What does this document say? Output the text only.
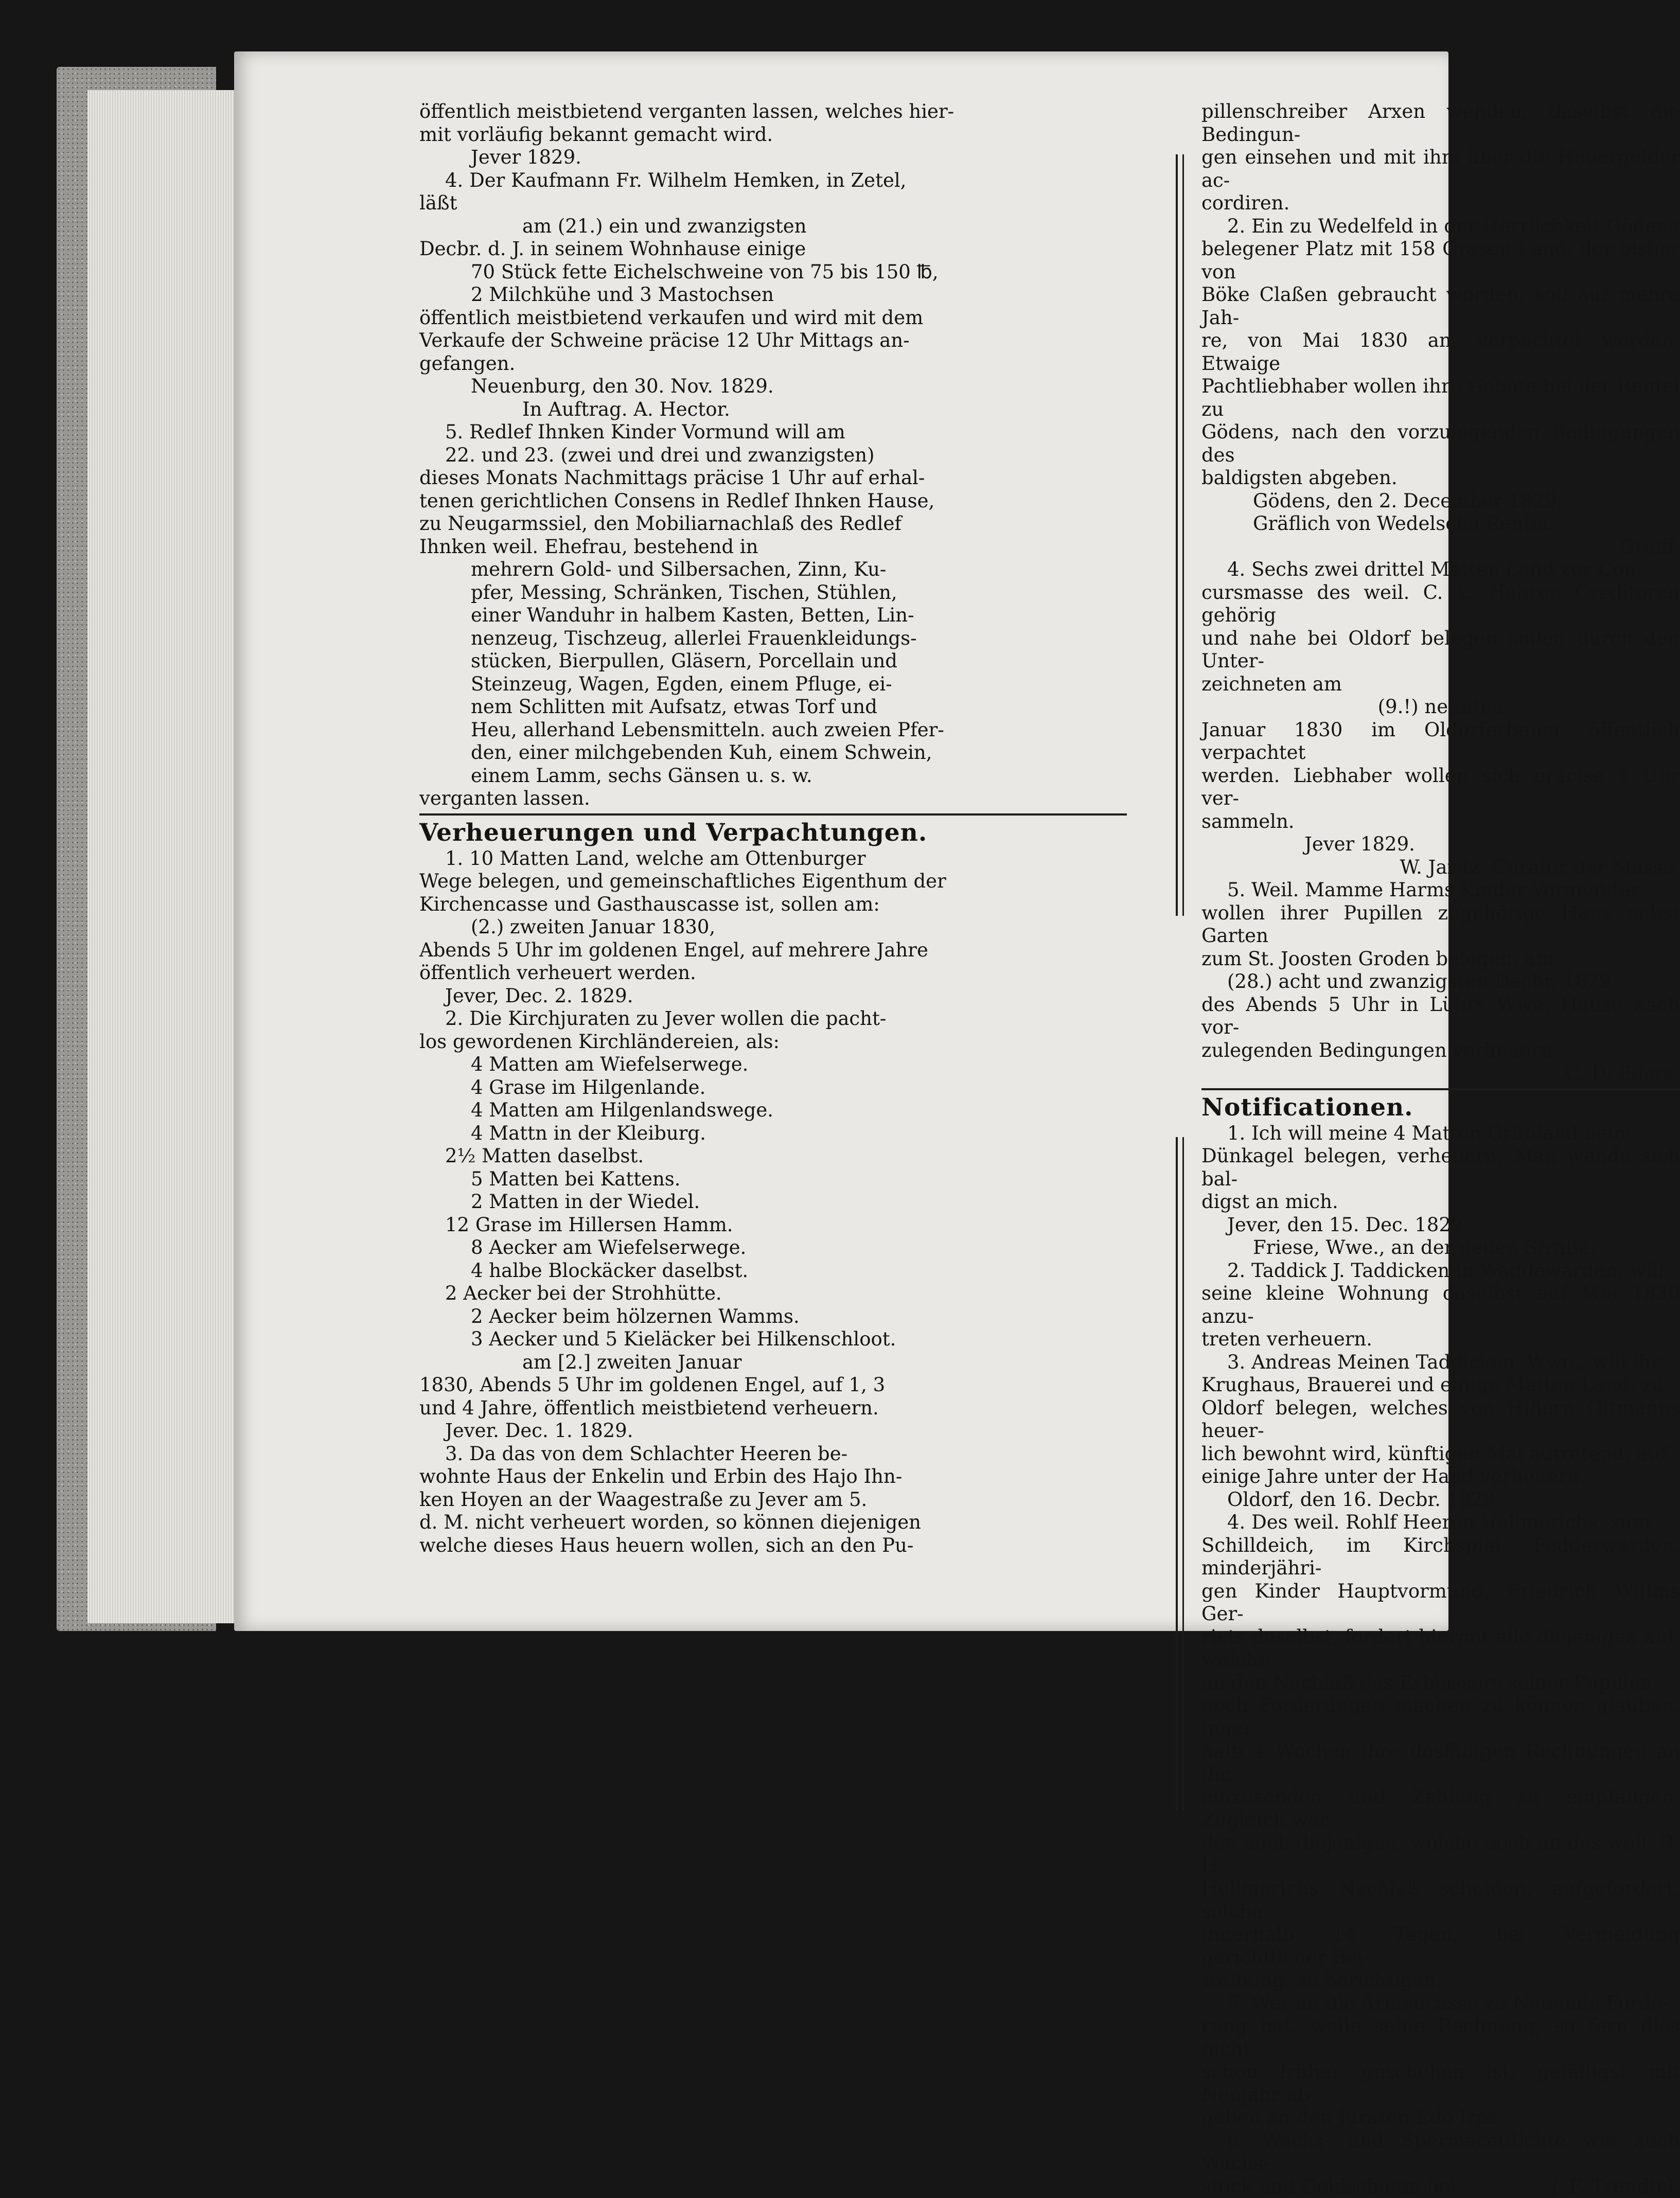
öffentlich meistbietend verganten lassen, welches hier-

mit vorläufig bekannt gemacht wird.

Jever 1829.

4. Der Kaufmann Fr. Wilhelm Hemken, in Zetel,

läßt

am (21.) ein und zwanzigsten

Decbr. d. J. in seinem Wohnhause einige

70 Stück fette Eichelschweine von 75 bis 150 ℔,

2 Milchkühe und 3 Mastochsen

öffentlich meistbietend verkaufen und wird mit dem

Verkaufe der Schweine präcise 12 Uhr Mittags an-

gefangen.

Neuenburg, den 30. Nov. 1829.

In Auftrag. A. Hector.

5. Redlef Ihnken Kinder Vormund will am

22. und 23. (zwei und drei und zwanzigsten)

dieses Monats Nachmittags präcise 1 Uhr auf erhal-

tenen gerichtlichen Consens in Redlef Ihnken Hause,

zu Neugarmssiel, den Mobiliarnachlaß des Redlef

Ihnken weil. Ehefrau, bestehend in

mehrern Gold- und Silbersachen, Zinn, Ku-

pfer, Messing, Schränken, Tischen, Stühlen,

einer Wanduhr in halbem Kasten, Betten, Lin-

nenzeug, Tischzeug, allerlei Frauenkleidungs-

stücken, Bierpullen, Gläsern, Porcellain und

Steinzeug, Wagen, Egden, einem Pfluge, ei-

nem Schlitten mit Aufsatz, etwas Torf und

Heu, allerhand Lebensmitteln. auch zweien Pfer-

den, einer milchgebenden Kuh, einem Schwein,

einem Lamm, sechs Gänsen u. s. w.

verganten lassen.

Verheuerungen und Verpachtungen.

1. 10 Matten Land, welche am Ottenburger

Wege belegen, und gemeinschaftliches Eigenthum der

Kirchencasse und Gasthauscasse ist, sollen am:

(2.) zweiten Januar 1830,

Abends 5 Uhr im goldenen Engel, auf mehrere Jahre

öffentlich verheuert werden.

Jever, Dec. 2. 1829.

2. Die Kirchjuraten zu Jever wollen die pacht-

los gewordenen Kirchländereien, als:

4 Matten am Wiefelserwege.

4 Grase im Hilgenlande.

4 Matten am Hilgenlandswege.

4 Mattn in der Kleiburg.

2½ Matten daselbst.

5 Matten bei Kattens.

2 Matten in der Wiedel.

12 Grase im Hillersen Hamm.

8 Aecker am Wiefelserwege.

4 halbe Blockäcker daselbst.

2 Aecker bei der Strohhütte.

2 Aecker beim hölzernen Wamms.

3 Aecker und 5 Kieläcker bei Hilkenschloot.

am [2.] zweiten Januar

1830, Abends 5 Uhr im goldenen Engel, auf 1, 3

und 4 Jahre, öffentlich meistbietend verheuern.

Jever. Dec. 1. 1829.

3. Da das von dem Schlachter Heeren be-

wohnte Haus der Enkelin und Erbin des Hajo Ihn-

ken Hoyen an der Waagestraße zu Jever am 5.

d. M. nicht verheuert worden, so können diejenigen

welche dieses Haus heuern wollen, sich an den Pu-

pillenschreiber Arxen wenden, daselbst die Bedingun-

gen einsehen und mit ihm über die Heuergelder ac-

cordiren.

2. Ein zu Wedelfeld in der Herrlichkeit Gödens

belegener Platz mit 158 Grasen Land, der bisher von

Böke Claßen gebraucht worden, soll auf mehre Jah-

re, von Mai 1830 an, verpachtet werden. Etwaige

Pachtliebhaber wollen ihre Gebote bei der Rentei zu

Gödens, nach den vorzulegenden Bedingungen des

baldigsten abgeben.

Gödens, den 2. December 1829.

Gräflich von Wedelsche Rentei.

Greiff.

4. Sechs zwei drittel Matten Land zur Con-

cursmasse des weil. C. L. Hehren Creditoren gehörig

und nahe bei Oldorf belegen sollen durch den Unter-

zeichneten am

(9.!) neunten

Januar 1830 im Oldorferbaum öffentlich verpachtet

werden. Liebhaber wollen sich präcise 1 Uhr ver-

sammeln.

Jever 1829.

W. Jaritz, Curator der Masse.

5. Weil. Mamme Harms Kinder Vormünder

wollen ihrer Pupillen zugehörige Haus nebst Garten

zum St. Joosten Groden belegen, am

(28.) acht und zwanzigsten Decbr. 1829.

des Abends 5 Uhr in Lührs Wwe. Hause nach vor-

zulegenden Bedingungen verheuern.

C. D. Eilers.

Notificationen.

1. Ich will meine 4 Matten Grünland beim

Dünkagel belegen, verheuern. Man wende sich bal-

digst an mich.

Jever, den 15. Dec. 1829.

Friese, Wwe., an der neuen Straße.

2. Taddick J. Taddicken in Waddewarden, will

seine kleine Wohnung daselbst auf Mai 1830 anzu-

treten verheuern.

3. Andreas Meinen Taddicken, Wwe., will ihr

Krughaus, Brauerei und einige Matten Land, zu

Oldorf belegen, welches von Hillern Oltmanns heuer-

lich bewohnt wird, künftigen Mai autretend, auf

einige Jahre unter der Hand verheuern.

Oldorf, den 16. Decbr. 1829.

4. Des weil. Rohlf Heeren Hellmerichs, zum

Schilldeich, im Kirchspiel Fedderwarden, minderjähri-

gen Kinder Hauptvormund, Friedrich Willms Ger-

riets daselbst, fordert hiermit alle diejenigen auf, welche

an den Nachlaß des Erblassers seiner Pupillen

noch Forderungen machen zu können glauben, inner-

halb 4 Wochen ihre desfälligen Rechnungen an ihn

einzusenden und Zahlung zu empfangen. Zugleich wer-

den auch diejenigen, welche noch an des weil. R. H.

Hellmerichs Nachlaß schulden, aufgefordert, solche

innerhalb 14 Tagen, bei Vermeidung gerichtlicher Bei-

treibung, zu berichtigen.

5. Wer an die Armencasse zu Neuende Forde-

rung hat, wolle seine Rechnung, so fern dies nicht

schon früher geschehen ist, gefälligst mit Neujahr ab-

geben an den Juraten Edo Irps.

6. Wachs- und Spermacetilichte wie auch Wachs-

stock und Goldschaum bei	J. F. Trendtel.
